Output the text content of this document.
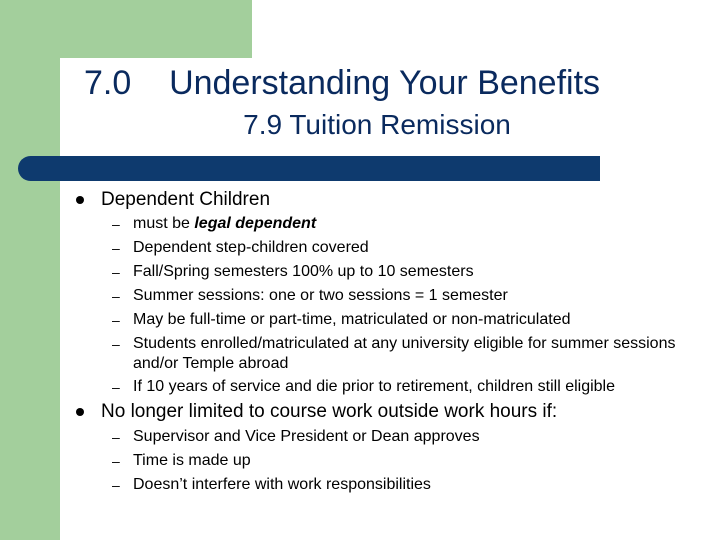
7.0 Understanding Your Benefits
7.9 Tuition Remission
Dependent Children
– must be legal dependent
– Dependent step-children covered
– Fall/Spring semesters 100% up to 10 semesters
– Summer sessions: one or two sessions = 1 semester
– May be full-time or part-time, matriculated or non-matriculated
– Students enrolled/matriculated at any university eligible for summer sessions and/or Temple abroad
– If 10 years of service and die prior to retirement, children still eligible
No longer limited to course work outside work hours if:
– Supervisor and Vice President or Dean approves
– Time is made up
– Doesn’t interfere with work responsibilities
